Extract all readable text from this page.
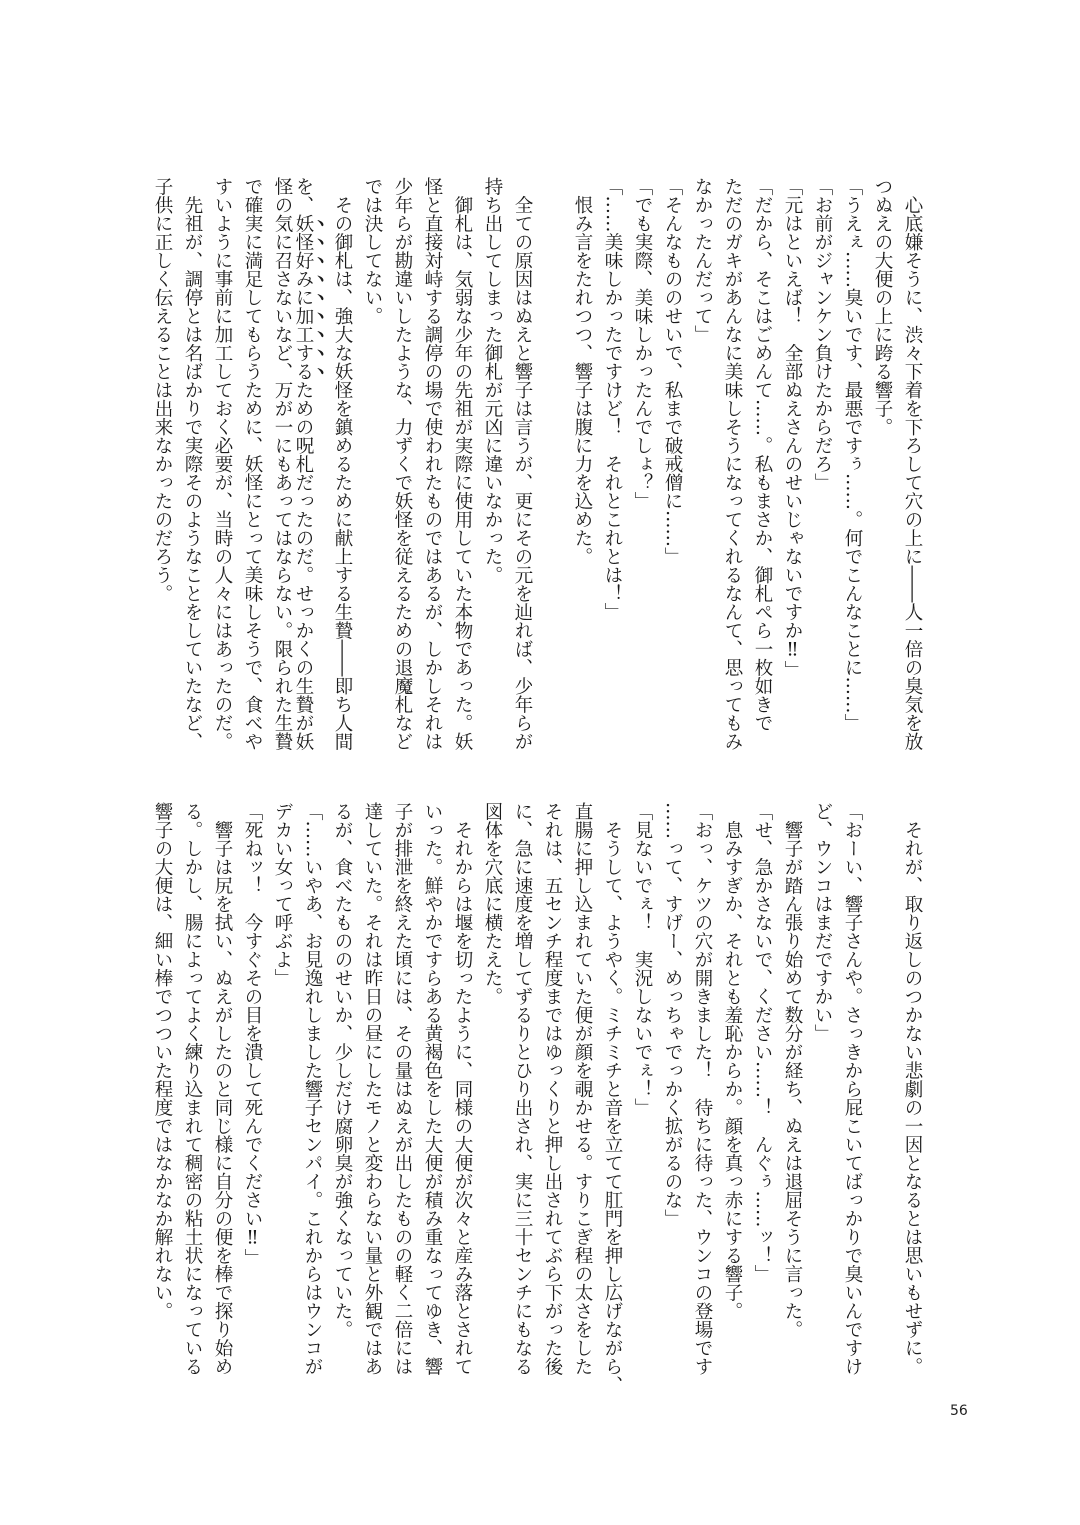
　心底嫌そうに、渋々下着を下ろして穴の上に――人一倍の臭気を放
つぬえの大便の上に跨る響子。
「うえぇ……臭いです、最悪ですぅ……。何でこんなことに……」
「お前がジャンケン負けたからだろ」
「元はといえば！　全部ぬえさんのせいじゃないですか‼」
「だから、そこはごめんて……。私もまさか、御札ぺら一枚如きで
ただのガキがあんなに美味しそうになってくれるなんて、思ってもみ
なかったんだって」
「そんなもののせいで、私まで破戒僧に……」
「でも実際、美味しかったんでしょ？」
「……美味しかったですけど！　それとこれとは！」
　恨み言をたれつつ、響子は腹に力を込めた。
　全ての原因はぬえと響子は言うが、更にその元を辿れば、少年らが
持ち出してしまった御札が元凶に違いなかった。
　御札は、気弱な少年の先祖が実際に使用していた本物であった。妖
怪と直接対峙する調停の場で使われたものではあるが、しかしそれは
少年らが勘違いしたような、力ずくで妖怪を従えるための退魔札など
では決してない。
　その御札は、強大な妖怪を鎮めるために献上する生贄――即ち人間
を、妖怪好みに加工するための呪札だったのだ。せっかくの生贄が妖
怪の気に召さないなど、万が一にもあってはならない。限られた生贄
で確実に満足してもらうために、妖怪にとって美味しそうで、食べや
すいように事前に加工しておく必要が、当時の人々にはあったのだ。
　先祖が、調停とは名ばかりで実際そのようなことをしていたなど、
子供に正しく伝えることは出来なかったのだろう。
　それが、取り返しのつかない悲劇の一因となるとは思いもせずに。
「おーい、響子さんや。さっきから屁こいてばっかりで臭いんですけ
ど、ウンコはまだですかい」
　響子が踏ん張り始めて数分が経ち、ぬえは退屈そうに言った。
「せ、急かさないで、ください……！　んぐぅ……ッ！」
　息みすぎか、それとも羞恥からか。顔を真っ赤にする響子。
「おっ、ケツの穴が開きました！　待ちに待った、ウンコの登場です
……って、すげー、めっちゃでっかく拡がるのな」
「見ないでぇ！　実況しないでぇ！」
　そうして、ようやく。ミチミチと音を立てて肛門を押し広げながら、
直腸に押し込まれていた便が顔を覗かせる。すりこぎ程の太さをした
それは、五センチ程度まではゆっくりと押し出されてぶら下がった後
に、急に速度を増してずるりとひり出され、実に三十センチにもなる
図体を穴底に横たえた。
　それからは堰を切ったように、同様の大便が次々と産み落とされて
いった。鮮やかですらある黄褐色をした大便が積み重なってゆき、響
子が排泄を終えた頃には、その量はぬえが出したものの軽く二倍には
達していた。それは昨日の昼にしたモノと変わらない量と外観ではあ
るが、食べたもののせいか、少しだけ腐卵臭が強くなっていた。
「……いやあ、お見逸れしました響子センパイ。これからはウンコが
デカい女って呼ぶよ」
「死ねッ！　今すぐその目を潰して死んでください‼」
　響子は尻を拭い、ぬえがしたのと同じ様に自分の便を棒で探り始め
る。しかし、腸によってよく練り込まれて稠密の粘土状になっている
響子の大便は、細い棒でつついた程度ではなかなか解れない。
56
